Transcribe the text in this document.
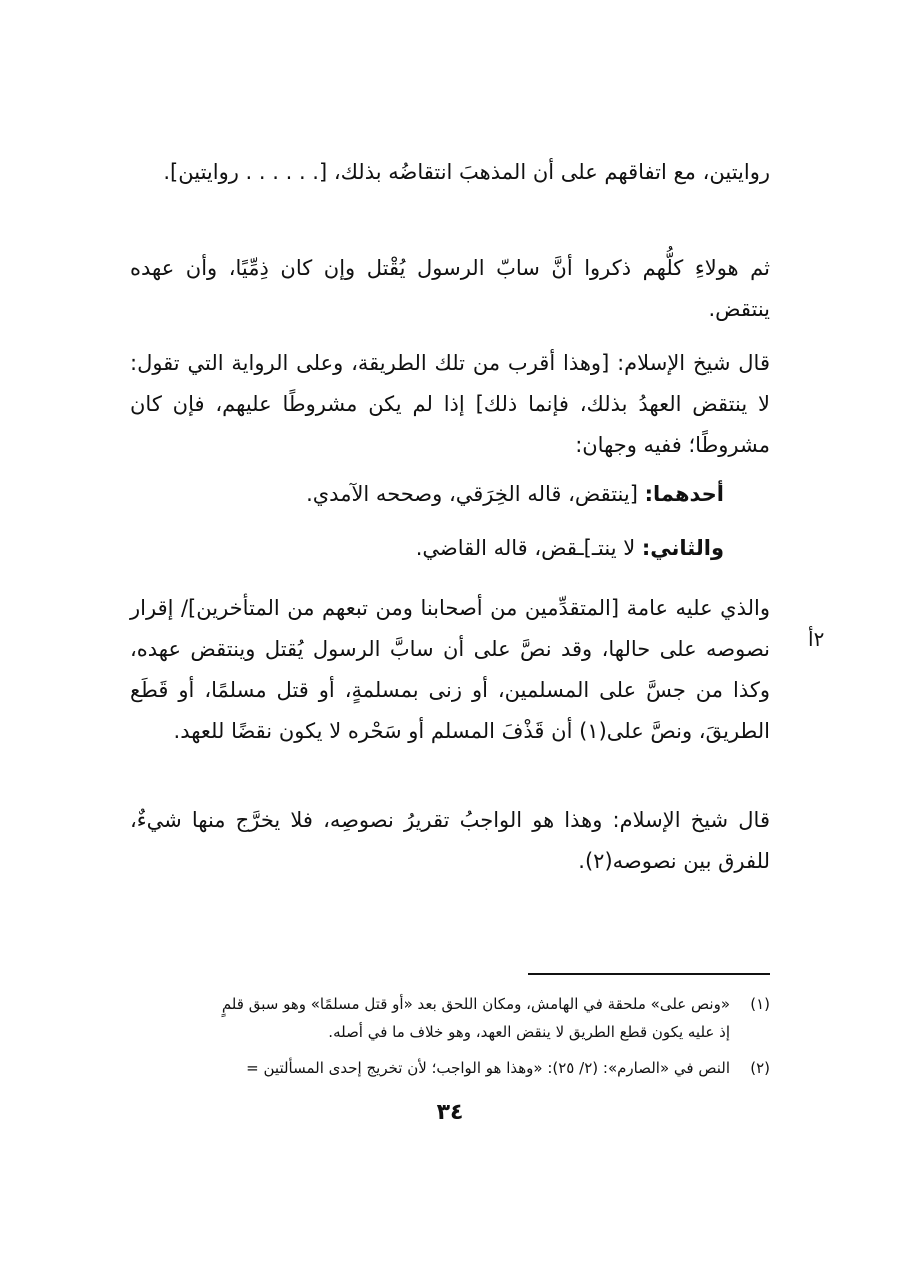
روايتين، مع اتفاقهم على أن المذهبَ انتقاضُه بذلك، [. . . . . . روايتين].

ثم هولاءِ كلُّهم ذكروا أنَّ سابّ الرسول يُقْتل وإن كان ذِمِّيًا، وأن عهده ينتقض.

قال شيخ الإسلام: [وهذا أقرب من تلك الطريقة، وعلى الرواية التي تقول: لا ينتقض العهدُ بذلك، فإنما ذلك] إذا لم يكن مشروطًا عليهم، فإن كان مشروطًا؛ ففيه وجهان:

أحدهما: [ينتقض، قاله الخِرَقي، وصححه الآمدي.

والثاني: لا ينتـ]ـقض، قاله القاضي.

والذي عليه عامة [المتقدِّمين من أصحابنا ومن تبعهم من المتأخرين]/ إقرار نصوصه على حالها، وقد نصَّ على أن سابَّ الرسول يُقتل وينتقض عهده، وكذا من جسَّ على المسلمين، أو زنى بمسلمةٍ، أو قتل مسلمًا، أو قَطَع الطريقَ، ونصَّ على(١) أن قَذْفَ المسلم أو سَحْره لا يكون نقضًا للعهد.

٢أ

قال شيخ الإسلام: وهذا هو الواجبُ تقريرُ نصوصِه، فلا يخرَّج منها شيءٌ، للفرق بين نصوصه(٢).

(١)«ونص على» ملحقة في الهامش، ومكان اللحق بعد «أو قتل مسلمًا» وهو سبق قلمٍ
إذ عليه يكون قطع الطريق لا ينقض العهد، وهو خلاف ما في أصله.

(٢)النص في «الصارم»: (٢/ ٢٥): «وهذا هو الواجب؛ لأن تخريج إحدى المسألتين =

٣٤
